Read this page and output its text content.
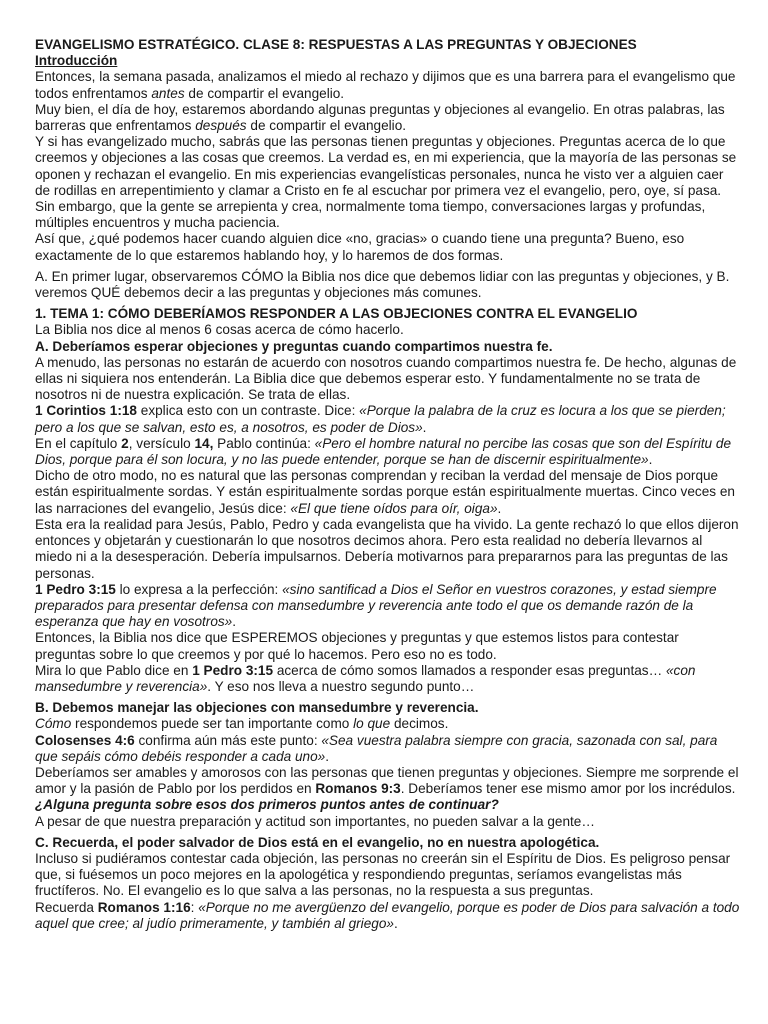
EVANGELISMO ESTRATÉGICO. CLASE 8: RESPUESTAS A LAS PREGUNTAS Y OBJECIONES

Introducción

Entonces, la semana pasada, analizamos el miedo al rechazo y dijimos que es una barrera para el evangelismo que todos enfrentamos antes de compartir el evangelio.

Muy bien, el día de hoy, estaremos abordando algunas preguntas y objeciones al evangelio. En otras palabras, las barreras que enfrentamos después de compartir el evangelio.

Y si has evangelizado mucho, sabrás que las personas tienen preguntas y objeciones. Preguntas acerca de lo que creemos y objeciones a las cosas que creemos. La verdad es, en mi experiencia, que la mayoría de las personas se oponen y rechazan el evangelio. En mis experiencias evangelísticas personales, nunca he visto ver a alguien caer de rodillas en arrepentimiento y clamar a Cristo en fe al escuchar por primera vez el evangelio, pero, oye, sí pasa. Sin embargo, que la gente se arrepienta y crea, normalmente toma tiempo, conversaciones largas y profundas, múltiples encuentros y mucha paciencia.

Así que, ¿qué podemos hacer cuando alguien dice «no, gracias» o cuando tiene una pregunta? Bueno, eso exactamente de lo que estaremos hablando hoy, y lo haremos de dos formas.

A. En primer lugar, observaremos CÓMO la Biblia nos dice que debemos lidiar con las preguntas y objeciones, y B. veremos QUÉ debemos decir a las preguntas y objeciones más comunes.

1. TEMA 1: CÓMO DEBERÍAMOS RESPONDER A LAS OBJECIONES CONTRA EL EVANGELIO

La Biblia nos dice al menos 6 cosas acerca de cómo hacerlo.

A. Deberíamos esperar objeciones y preguntas cuando compartimos nuestra fe.

A menudo, las personas no estarán de acuerdo con nosotros cuando compartimos nuestra fe. De hecho, algunas de ellas ni siquiera nos entenderán. La Biblia dice que debemos esperar esto. Y fundamentalmente no se trata de nosotros ni de nuestra explicación. Se trata de ellas.

1 Corintios 1:18 explica esto con un contraste. Dice: «Porque la palabra de la cruz es locura a los que se pierden; pero a los que se salvan, esto es, a nosotros, es poder de Dios».

En el capítulo 2, versículo 14, Pablo continúa: «Pero el hombre natural no percibe las cosas que son del Espíritu de Dios, porque para él son locura, y no las puede entender, porque se han de discernir espiritualmente».

Dicho de otro modo, no es natural que las personas comprendan y reciban la verdad del mensaje de Dios porque están espiritualmente sordas. Y están espiritualmente sordas porque están espiritualmente muertas. Cinco veces en las narraciones del evangelio, Jesús dice: «El que tiene oídos para oír, oiga».

Esta era la realidad para Jesús, Pablo, Pedro y cada evangelista que ha vivido. La gente rechazó lo que ellos dijeron entonces y objetarán y cuestionarán lo que nosotros decimos ahora. Pero esta realidad no debería llevarnos al miedo ni a la desesperación. Debería impulsarnos. Debería motivarnos para prepararnos para las preguntas de las personas.

1 Pedro 3:15 lo expresa a la perfección: «sino santificad a Dios el Señor en vuestros corazones, y estad siempre preparados para presentar defensa con mansedumbre y reverencia ante todo el que os demande razón de la esperanza que hay en vosotros».

Entonces, la Biblia nos dice que ESPEREMOS objeciones y preguntas y que estemos listos para contestar preguntas sobre lo que creemos y por qué lo hacemos. Pero eso no es todo.

Mira lo que Pablo dice en 1 Pedro 3:15 acerca de cómo somos llamados a responder esas preguntas… «con mansedumbre y reverencia». Y eso nos lleva a nuestro segundo punto…

B. Debemos manejar las objeciones con mansedumbre y reverencia.

Cómo respondemos puede ser tan importante como lo que decimos.

Colosenses 4:6 confirma aún más este punto: «Sea vuestra palabra siempre con gracia, sazonada con sal, para que sepáis cómo debéis responder a cada uno».

Deberíamos ser amables y amorosos con las personas que tienen preguntas y objeciones. Siempre me sorprende el amor y la pasión de Pablo por los perdidos en Romanos 9:3. Deberíamos tener ese mismo amor por los incrédulos.

¿Alguna pregunta sobre esos dos primeros puntos antes de continuar?

A pesar de que nuestra preparación y actitud son importantes, no pueden salvar a la gente…

C. Recuerda, el poder salvador de Dios está en el evangelio, no en nuestra apologética.

Incluso si pudiéramos contestar cada objeción, las personas no creerán sin el Espíritu de Dios. Es peligroso pensar que, si fuésemos un poco mejores en la apologética y respondiendo preguntas, seríamos evangelistas más fructíferos. No. El evangelio es lo que salva a las personas, no la respuesta a sus preguntas.

Recuerda Romanos 1:16: «Porque no me avergüenzo del evangelio, porque es poder de Dios para salvación a todo aquel que cree; al judío primeramente, y también al griego».
